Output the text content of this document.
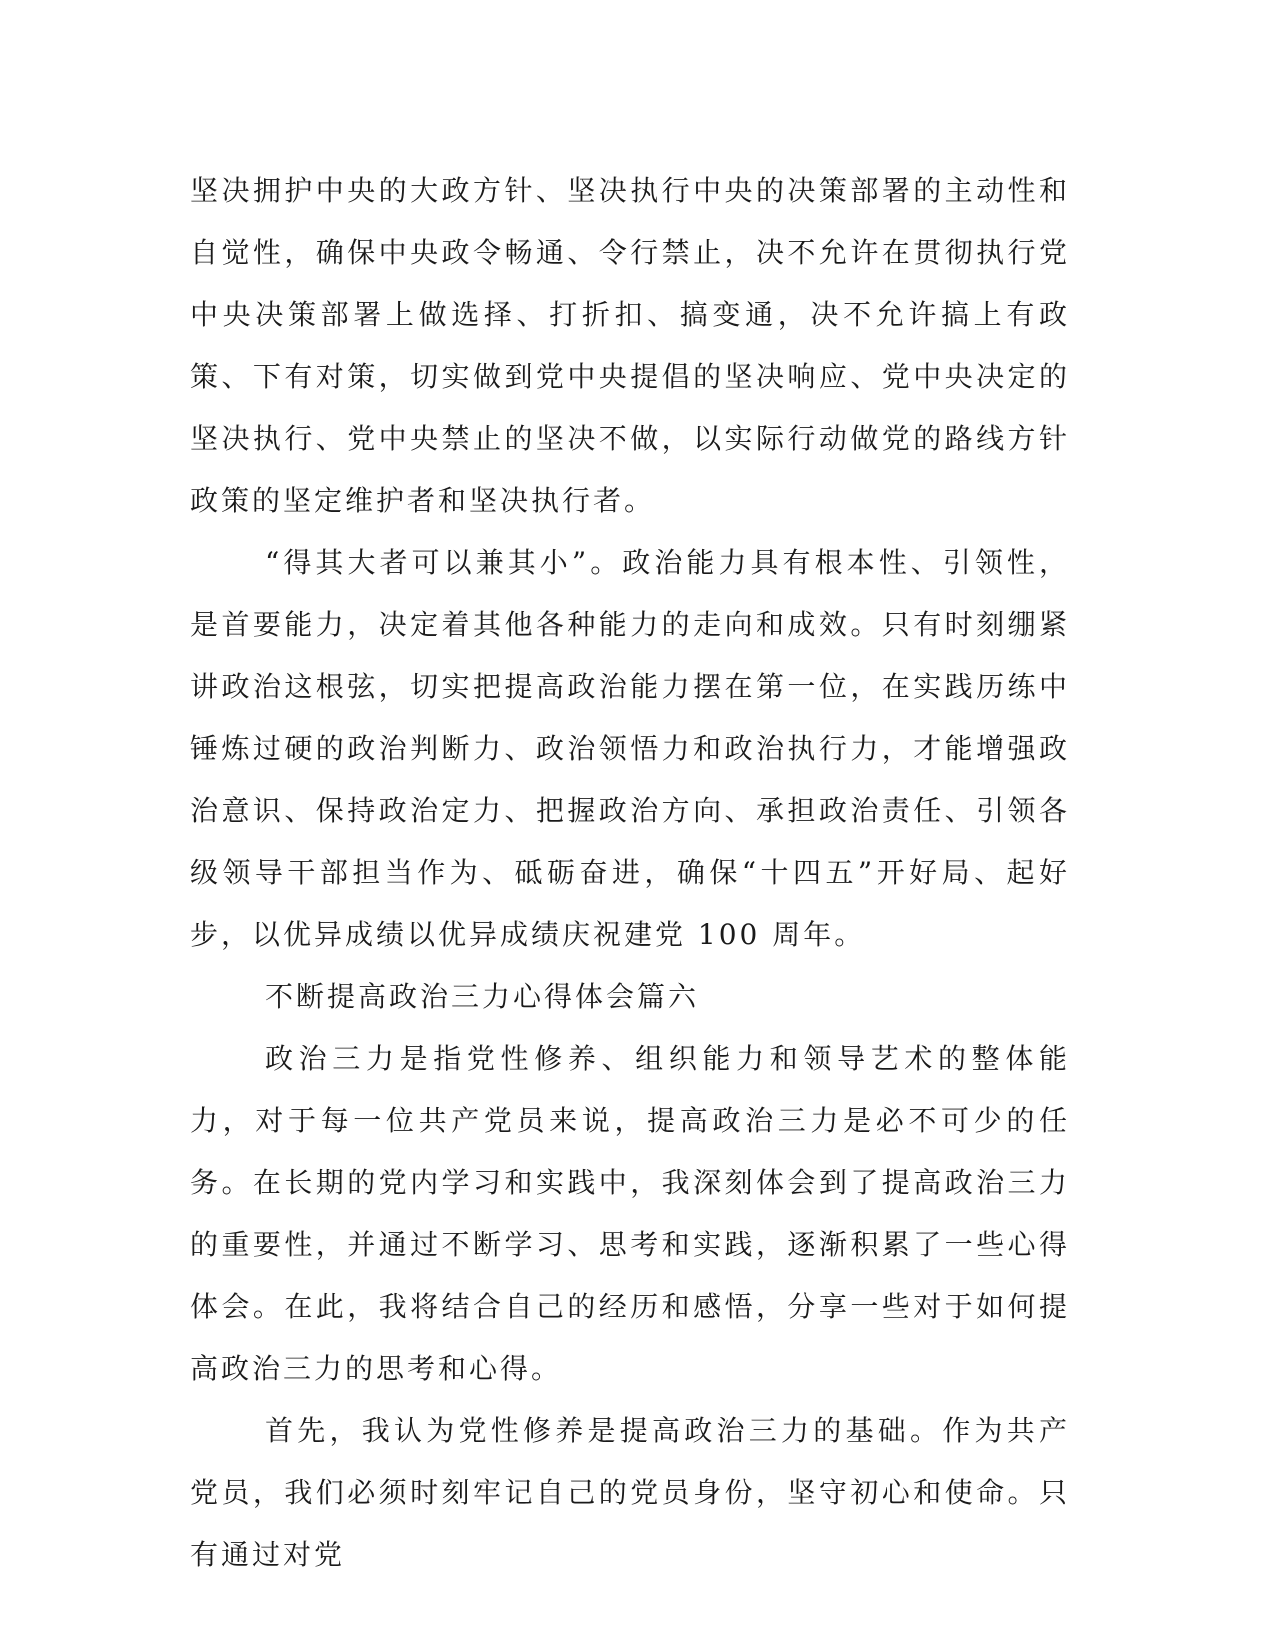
坚决拥护中央的大政方针、坚决执行中央的决策部署的主动性和自觉性，确保中央政令畅通、令行禁止，决不允许在贯彻执行党中央决策部署上做选择、打折扣、搞变通，决不允许搞上有政策、下有对策，切实做到党中央提倡的坚决响应、党中央决定的坚决执行、党中央禁止的坚决不做，以实际行动做党的路线方针政策的坚定维护者和坚决执行者。

“得其大者可以兼其小”。政治能力具有根本性、引领性，是首要能力，决定着其他各种能力的走向和成效。只有时刻绷紧讲政治这根弦，切实把提高政治能力摆在第一位，在实践历练中锤炼过硬的政治判断力、政治领悟力和政治执行力，才能增强政治意识、保持政治定力、把握政治方向、承担政治责任、引领各级领导干部担当作为、砥砺奋进，确保“十四五”开好局、起好步，以优异成绩以优异成绩庆祝建党 100 周年。

不断提高政治三力心得体会篇六

政治三力是指党性修养、组织能力和领导艺术的整体能力，对于每一位共产党员来说，提高政治三力是必不可少的任务。在长期的党内学习和实践中，我深刻体会到了提高政治三力的重要性，并通过不断学习、思考和实践，逐渐积累了一些心得体会。在此，我将结合自己的经历和感悟，分享一些对于如何提高政治三力的思考和心得。

首先，我认为党性修养是提高政治三力的基础。作为共产党员，我们必须时刻牢记自己的党员身份，坚守初心和使命。只有通过对党
